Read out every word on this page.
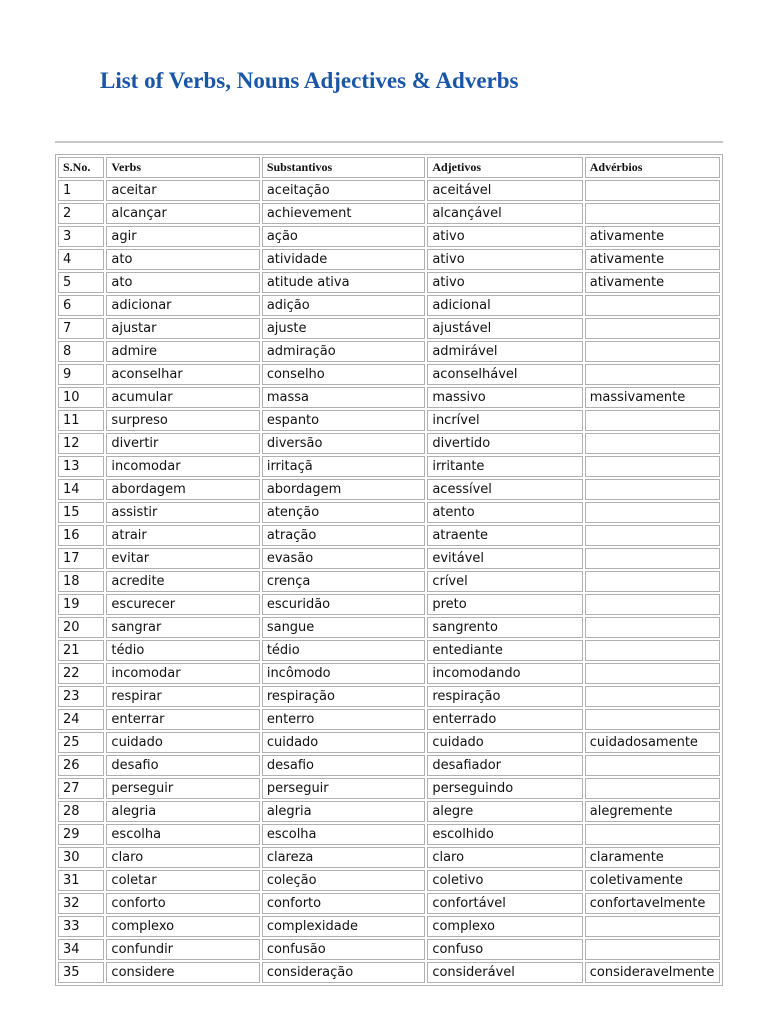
List of Verbs, Nouns Adjectives & Adverbs
S.No.	Verbs	Substantivos	Adjetivos	Advérbios
1	aceitar	aceitação	aceitável	
2	alcançar	achievement	alcançável	
3	agir	ação	ativo	ativamente
4	ato	atividade	ativo	ativamente
5	ato	atitude ativa	ativo	ativamente
6	adicionar	adição	adicional	
7	ajustar	ajuste	ajustável	
8	admire	admiração	admirável	
9	aconselhar	conselho	aconselhável	
10	acumular	massa	massivo	massivamente
11	surpreso	espanto	incrível	
12	divertir	diversão	divertido	
13	incomodar	irritaçã	irritante	
14	abordagem	abordagem	acessível	
15	assistir	atenção	atento	
16	atrair	atração	atraente	
17	evitar	evasão	evitável	
18	acredite	crença	crível	
19	escurecer	escuridão	preto	
20	sangrar	sangue	sangrento	
21	tédio	tédio	entediante	
22	incomodar	incômodo	incomodando	
23	respirar	respiração	respiração	
24	enterrar	enterro	enterrado	
25	cuidado	cuidado	cuidado	cuidadosamente
26	desafio	desafio	desafiador	
27	perseguir	perseguir	perseguindo	
28	alegria	alegria	alegre	alegremente
29	escolha	escolha	escolhido	
30	claro	clareza	claro	claramente
31	coletar	coleção	coletivo	coletivamente
32	conforto	conforto	confortável	confortavelmente
33	complexo	complexidade	complexo	
34	confundir	confusão	confuso	
35	considere	consideração	considerável	consideravelmente
